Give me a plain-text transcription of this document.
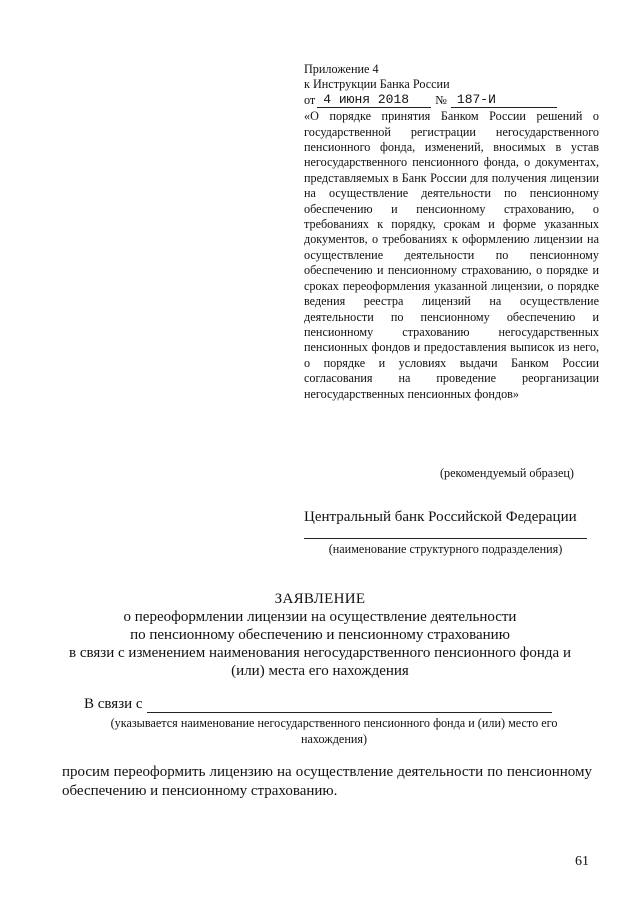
Приложение 4
к Инструкции Банка России
от 4 июня 2018	№ 187-И
«О порядке принятия Банком России решений о государственной регистрации негосударственного пенсионного фонда, изменений, вносимых в устав негосударственного пенсионного фонда, о документах, представляемых в Банк России для получения лицензии на осуществление деятельности по пенсионному обеспечению и пенсионному страхованию, о требованиях к порядку, срокам и форме указанных документов, о требованиях к оформлению лицензии на осуществление деятельности по пенсионному обеспечению и пенсионному страхованию, о порядке и сроках переоформления указанной лицензии, о порядке ведения реестра лицензий на осуществление деятельности по пенсионному обеспечению и пенсионному страхованию негосударственных пенсионных фондов и предоставления выписок из него, о порядке и условиях выдачи Банком России согласования на проведение реорганизации негосударственных пенсионных фондов»
(рекомендуемый образец)
Центральный банк Российской Федерации
(наименование структурного подразделения)
ЗАЯВЛЕНИЕ
о переоформлении лицензии на осуществление деятельности
по пенсионному обеспечению и пенсионному страхованию
в связи с изменением наименования негосударственного пенсионного фонда и
(или) места его нахождения
В связи с
(указывается наименование негосударственного пенсионного фонда и (или) место его нахождения)
просим переоформить лицензию на осуществление деятельности по пенсионному обеспечению и пенсионному страхованию.
61
